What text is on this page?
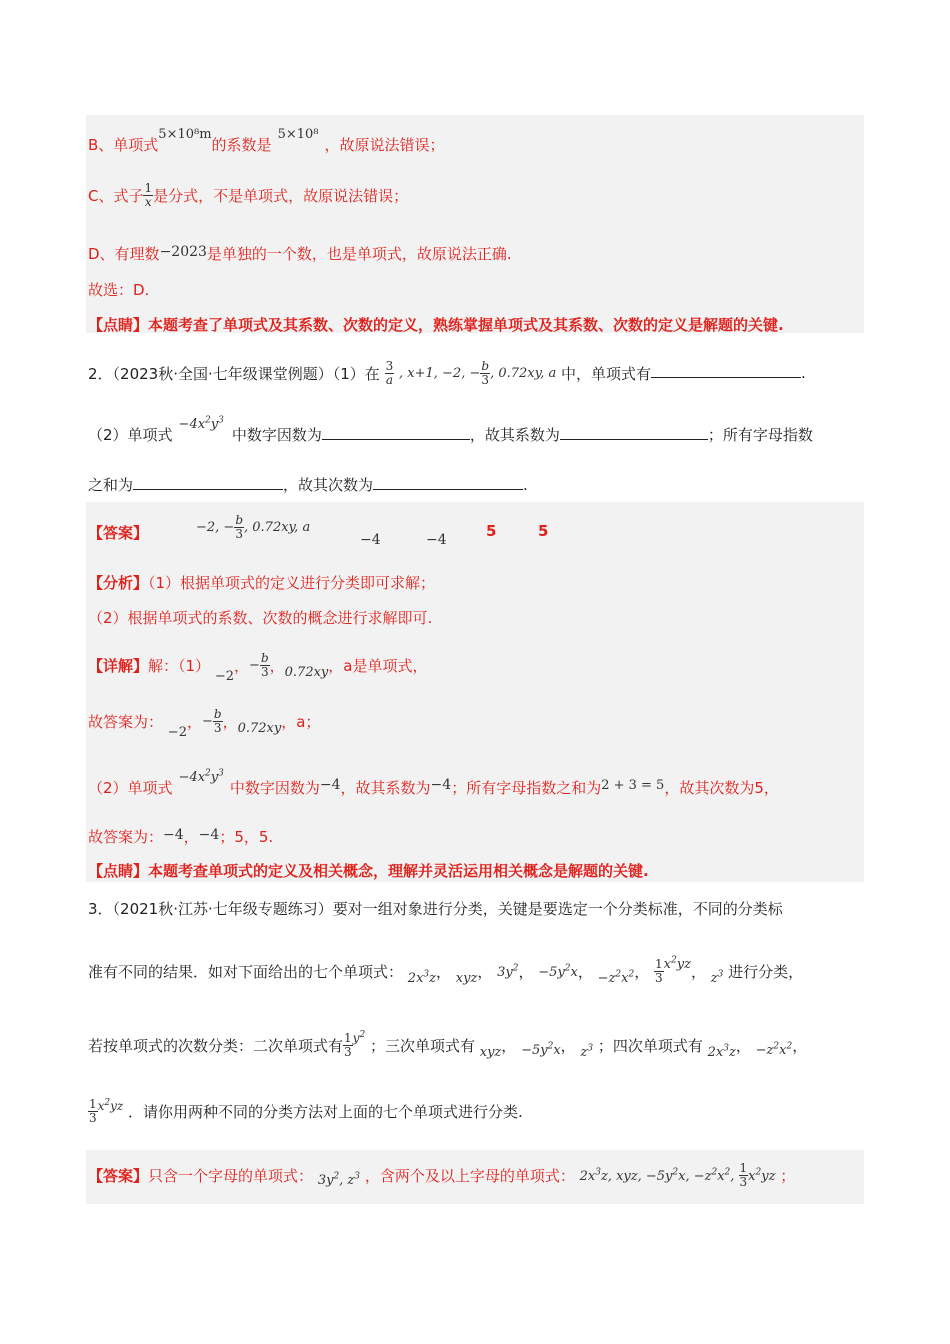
B、单项式5×10⁸m的系数是5×10⁸，故原说法错误；
C、式子 $\frac{1}{x}$ 是分式，不是单项式，故原说法错误；
D、有理数−2023是单独的一个数，也是单项式，故原说法正确.
故选：D.
【点睛】本题考查了单项式及其系数、次数的定义，熟练掌握单项式及其系数、次数的定义是解题的关键.
2．（2023秋·全国·七年级课堂例题）（1）在 $\frac{3}{a}$ , x+1, −2, − $\frac{b}{3}$ , 0.72xy, a 中，单项式有	.
（2）单项式$-4x^2y^3$中数字因数为	，故其系数为	；所有字母指数
之和为	，故其次数为	.
【答案】	−2, − $\frac{b}{3}$ , 0.72xy, a
−4	−4	5	5
【分析】（1）根据单项式的定义进行分类即可求解；
（2）根据单项式的系数、次数的概念进行求解即可.
【详解】解：（1） −2，− $\frac{b}{3}$ ，0.72xy，a是单项式，
故答案为： −2，− $\frac{b}{3}$ ，0.72xy，a；
（2）单项式$-4x^2y^3$中数字因数为−4，故其系数为−4；所有字母指数之和为2 + 3 = 5，故其次数为5，
故答案为：−4，−4；5，5.
【点睛】本题考查单项式的定义及相关概念，理解并灵活运用相关概念是解题的关键.
3．（2021秋·江苏·七年级专题练习）要对一组对象进行分类，关键是要选定一个分类标准，不同的分类标
准有不同的结果．如对下面给出的七个单项式： $2x^3z$， xyz， $3y^2$， $-5y^2x$， $-z^2x^2$， $\frac{1}{3} x^2yz$， $z^3$ 进行分类，
若按单项式的次数分类：二次单项式有 $\frac{1}{3} ^{y^2}$ ；三次单项式有 xyz， $-5y^2x$， $z^3$ ；四次单项式有 $2x^3z$， $-z^2x^2$，
$\frac{1}{3} ^{x^2yz}$ ．请你用两种不同的分类方法对上面的七个单项式进行分类.
【答案】只含一个字母的单项式： $3y^2$, $z^3$ ，含两个及以上字母的单项式： $2x^3z$, xyz, $-5y^2x$, $-z^2x^2$, $\frac{1}{3} x^2yz$ ；
